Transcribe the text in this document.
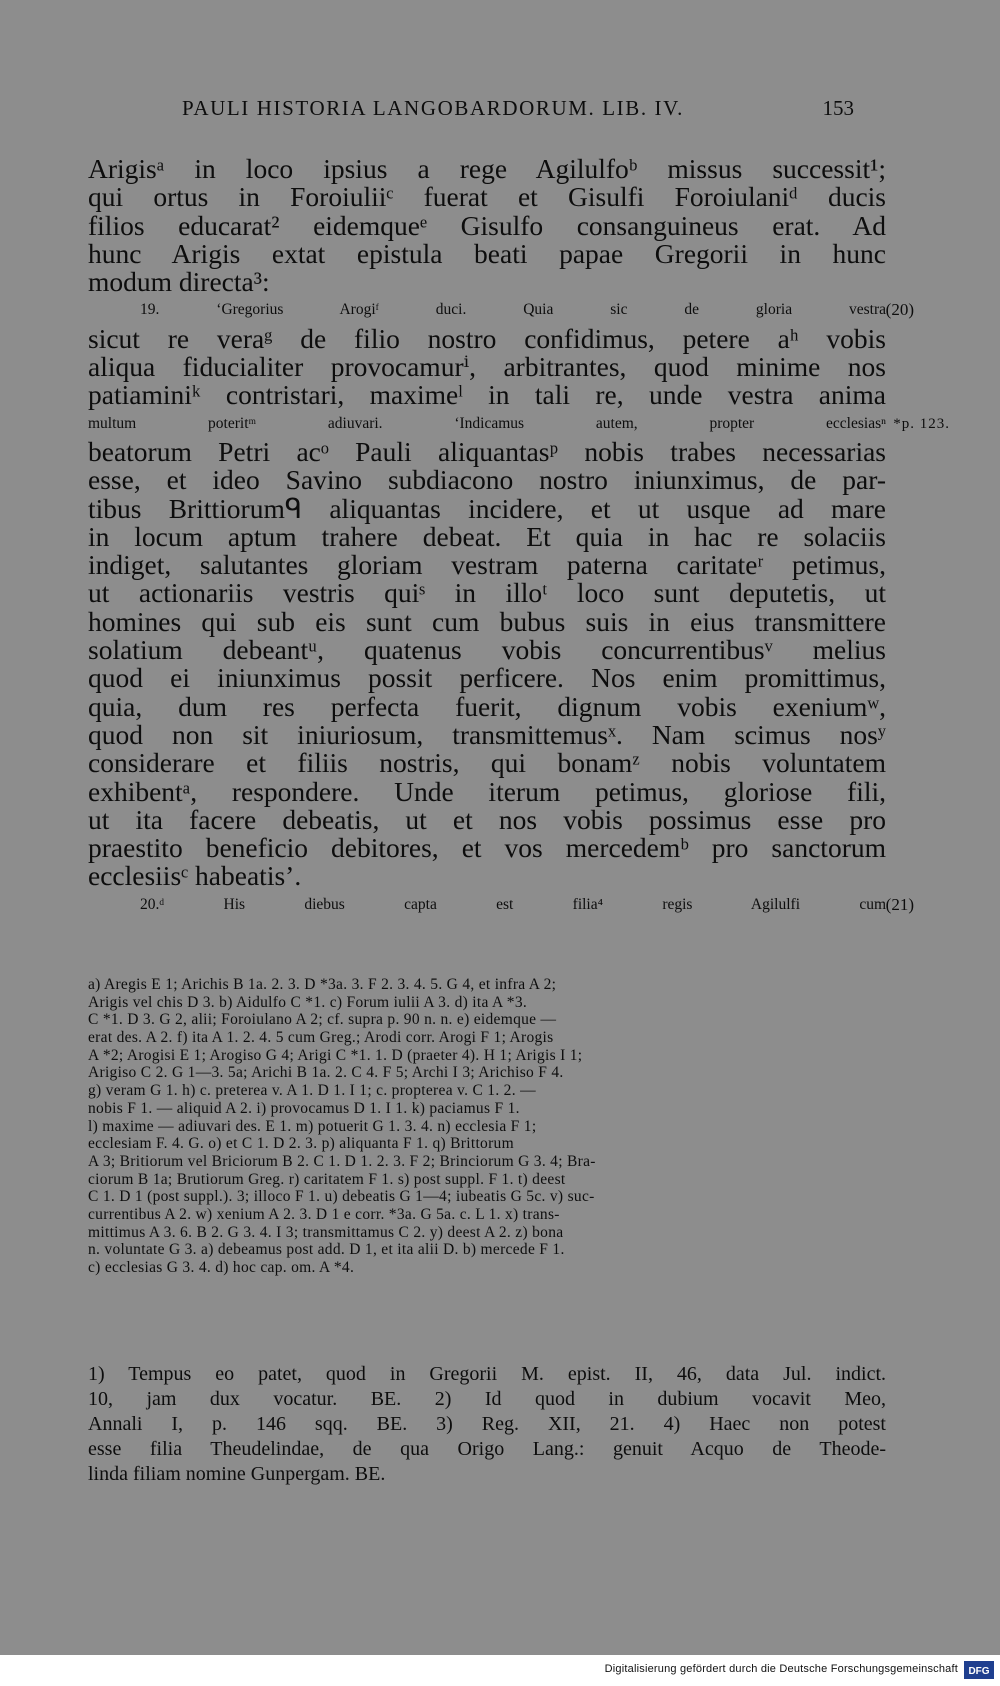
PAULI HISTORIA LANGOBARDORUM. LIB. IV.	153
Arigisᵃ in loco ipsius a rege Agilulfoᵇ missus successit¹;
qui ortus in Foroiuliiᶜ fuerat et Gisulfi Foroiulaniᵈ ducis
filios educarat² eidemqueᵉ Gisulfo consanguineus erat. Ad
hunc Arigis extat epistula beati papae Gregorii in hunc
modum directa³:
19. ‘Gregorius Arogiᶠ duci. Quia sic de gloria vestra (20)
sicut re veraᵍ de filio nostro confidimus, petere aʰ vobis
aliqua fiducialiter provocamurⁱ, arbitrantes, quod minime nos
patiaminiᵏ contristari, maximeˡ in tali re, unde vestra anima
multum poteritᵐ adiuvari. ‘Indicamus autem, propter ecclesiasⁿ *p. 123.
beatorum Petri acᵒ Pauli aliquantasᵖ nobis trabes necessarias
esse, et ideo Savino subdiacono nostro iniunximus, de par-
tibus Brittiorumᑫ aliquantas incidere, et ut usque ad mare
in locum aptum trahere debeat. Et quia in hac re solaciis
indiget, salutantes gloriam vestram paterna caritateʳ petimus,
ut actionariis vestris quiˢ in illoᵗ loco sunt deputetis, ut
homines qui sub eis sunt cum bubus suis in eius transmittere
solatium debeantᵘ, quatenus vobis concurrentibusᵛ melius
quod ei iniunximus possit perficere. Nos enim promittimus,
quia, dum res perfecta fuerit, dignum vobis exeniumʷ,
quod non sit iniuriosum, transmittemusˣ. Nam scimus nosʸ
considerare et filiis nostris, qui bonamᶻ nobis voluntatem
exhibentᵃ, respondere. Unde iterum petimus, gloriose fili,
ut ita facere debeatis, ut et nos vobis possimus esse pro
praestito beneficio debitores, et vos mercedemᵇ pro sanctorum
ecclesiisᶜ habeatis’.
20.ᵈ His diebus capta est filia⁴ regis Agilulfi cum (21)
a) Aregis E 1; Arichis B 1a. 2. 3. D *3a. 3. F 2. 3. 4. 5. G 4, et infra A 2;
Arigis vel chis D 3. b) Aidulfo C *1. c) Forum iulii A 3. d) ita A *3.
C *1. D 3. G 2, alii; Foroiulano A 2; cf. supra p. 90 n. n. e) eidemque —
erat des. A 2. f) ita A 1. 2. 4. 5 cum Greg.; Arodi corr. Arogi F 1; Arogis
A *2; Arogisi E 1; Arogiso G 4; Arigi C *1. 1. D (praeter 4). H 1; Arigis I 1;
Arigiso C 2. G 1—3. 5a; Arichi B 1a. 2. C 4. F 5; Archi I 3; Arichiso F 4.
g) veram G 1. h) c. preterea v. A 1. D 1. I 1; c. propterea v. C 1. 2. —
nobis F 1. — aliquid A 2. i) provocamus D 1. I 1. k) paciamus F 1.
l) maxime — adiuvari des. E 1. m) potuerit G 1. 3. 4. n) ecclesia F 1;
ecclesiam F. 4. G. o) et C 1. D 2. 3. p) aliquanta F 1. q) Brittorum
A 3; Britiorum vel Briciorum B 2. C 1. D 1. 2. 3. F 2; Brinciorum G 3. 4; Bra-
ciorum B 1a; Brutiorum Greg. r) caritatem F 1. s) post suppl. F 1. t) deest
C 1. D 1 (post suppl.). 3; illoco F 1. u) debeatis G 1—4; iubeatis G 5c. v) suc-
currentibus A 2. w) xenium A 2. 3. D 1 e corr. *3a. G 5a. c. L 1. x) trans-
mittimus A 3. 6. B 2. G 3. 4. I 3; transmittamus C 2. y) deest A 2. z) bona
n. voluntate G 3. a) debeamus post add. D 1, et ita alii D. b) mercede F 1.
c) ecclesias G 3. 4. d) hoc cap. om. A *4.
1) Tempus eo patet, quod in Gregorii M. epist. II, 46, data Jul. indict.
10, jam dux vocatur. BE. 2) Id quod in dubium vocavit Meo,
Annali I, p. 146 sqq. BE. 3) Reg. XII, 21. 4) Haec non potest
esse filia Theudelindae, de qua Origo Lang.: genuit Acquo de Theode-
linda filiam nomine Gunpergam. BE.
Digitalisierung gefördert durch die Deutsche Forschungsgemeinschaft DFG
